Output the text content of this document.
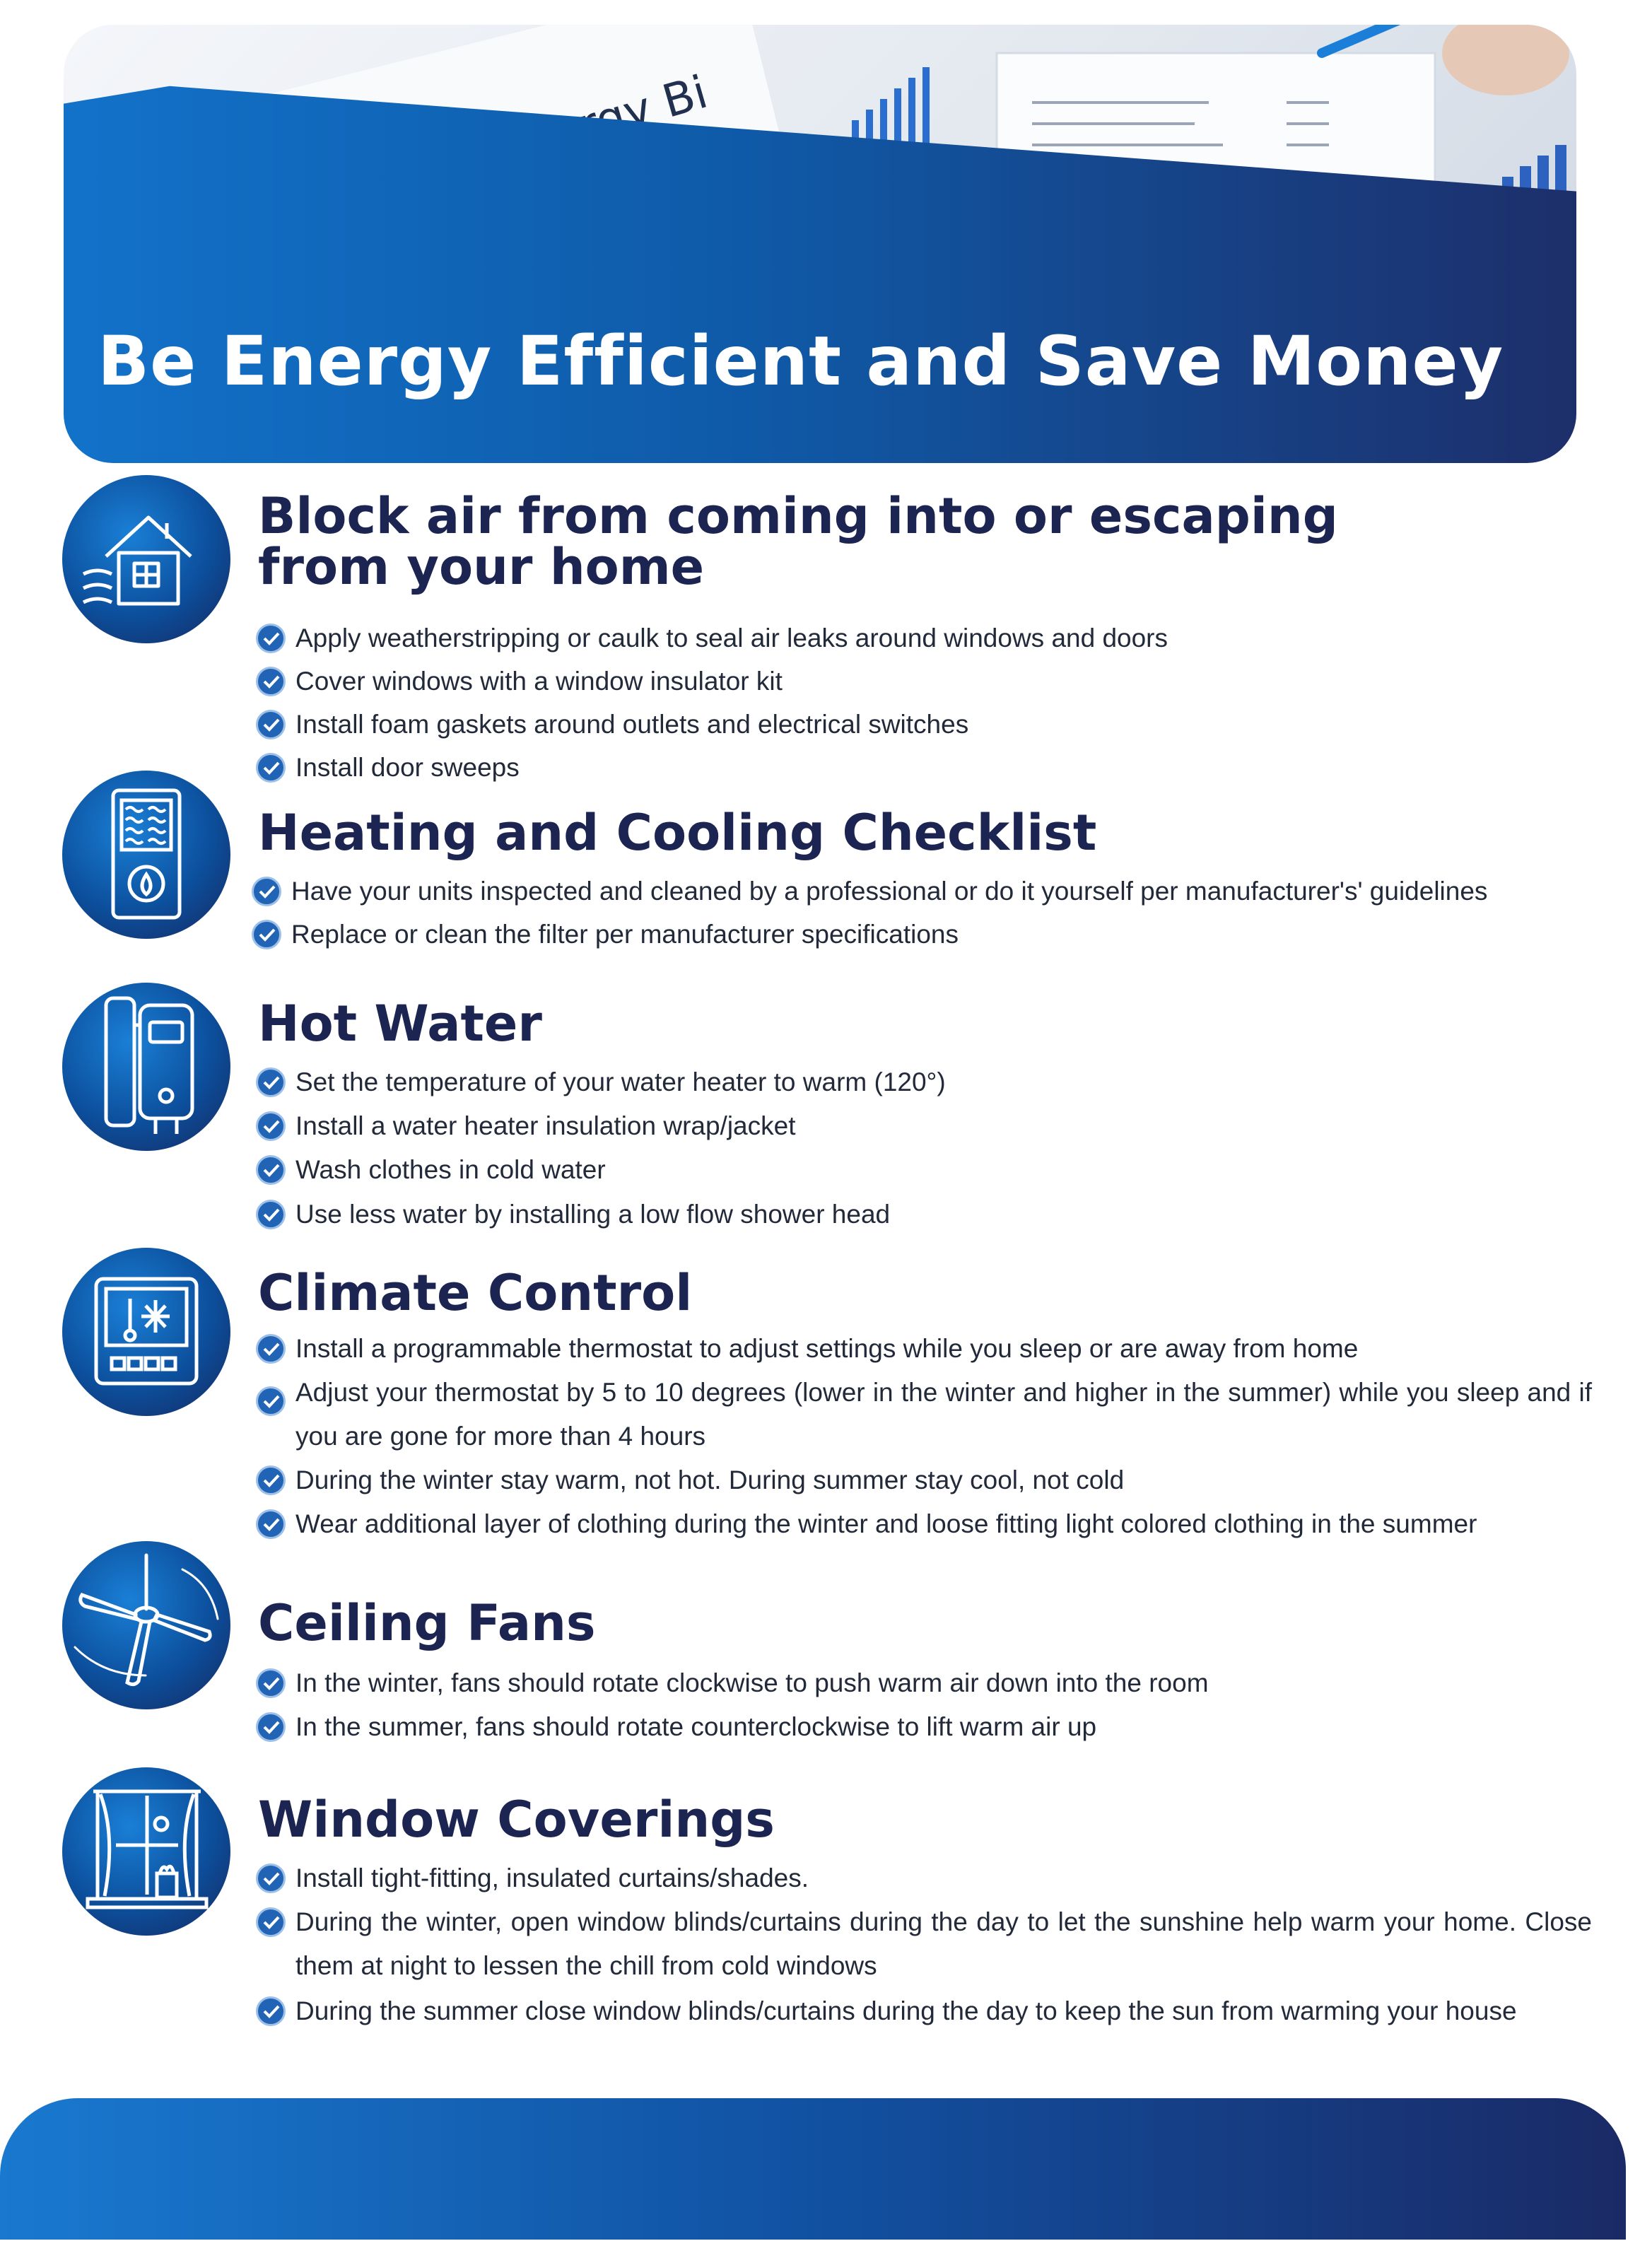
Be Energy Efficient and Save Money
Block air from coming into or escaping from your home
Apply weatherstripping or caulk to seal air leaks around windows and doors
Cover windows with a window insulator kit
Install foam gaskets around outlets and electrical switches
Install door sweeps
Heating and Cooling Checklist
Have your units inspected and cleaned by a professional or do it yourself per manufacturer's' guidelines
Replace or clean the filter per manufacturer specifications
Hot Water
Set the temperature of your water heater to warm (120°)
Install a water heater insulation wrap/jacket
Wash clothes in cold water
Use less water by installing a low flow shower head
Climate Control
Install a programmable thermostat to adjust settings while you sleep or are away from home
Adjust your thermostat by 5 to 10 degrees (lower in the winter and higher in the summer) while you sleep and if you are gone for more than 4 hours
During the winter stay warm, not hot. During summer stay cool, not cold
Wear additional layer of clothing during the winter and loose fitting light colored clothing in the summer
Ceiling Fans
In the winter, fans should rotate clockwise to push warm air down into the room
In the summer, fans should rotate counterclockwise to lift warm air up
Window Coverings
Install tight-fitting, insulated curtains/shades.
During the winter, open window blinds/curtains during the day to let the sunshine help warm your home. Close them at night to lessen the chill from cold windows
During the summer close window blinds/curtains during the day to keep the sun from warming your house
